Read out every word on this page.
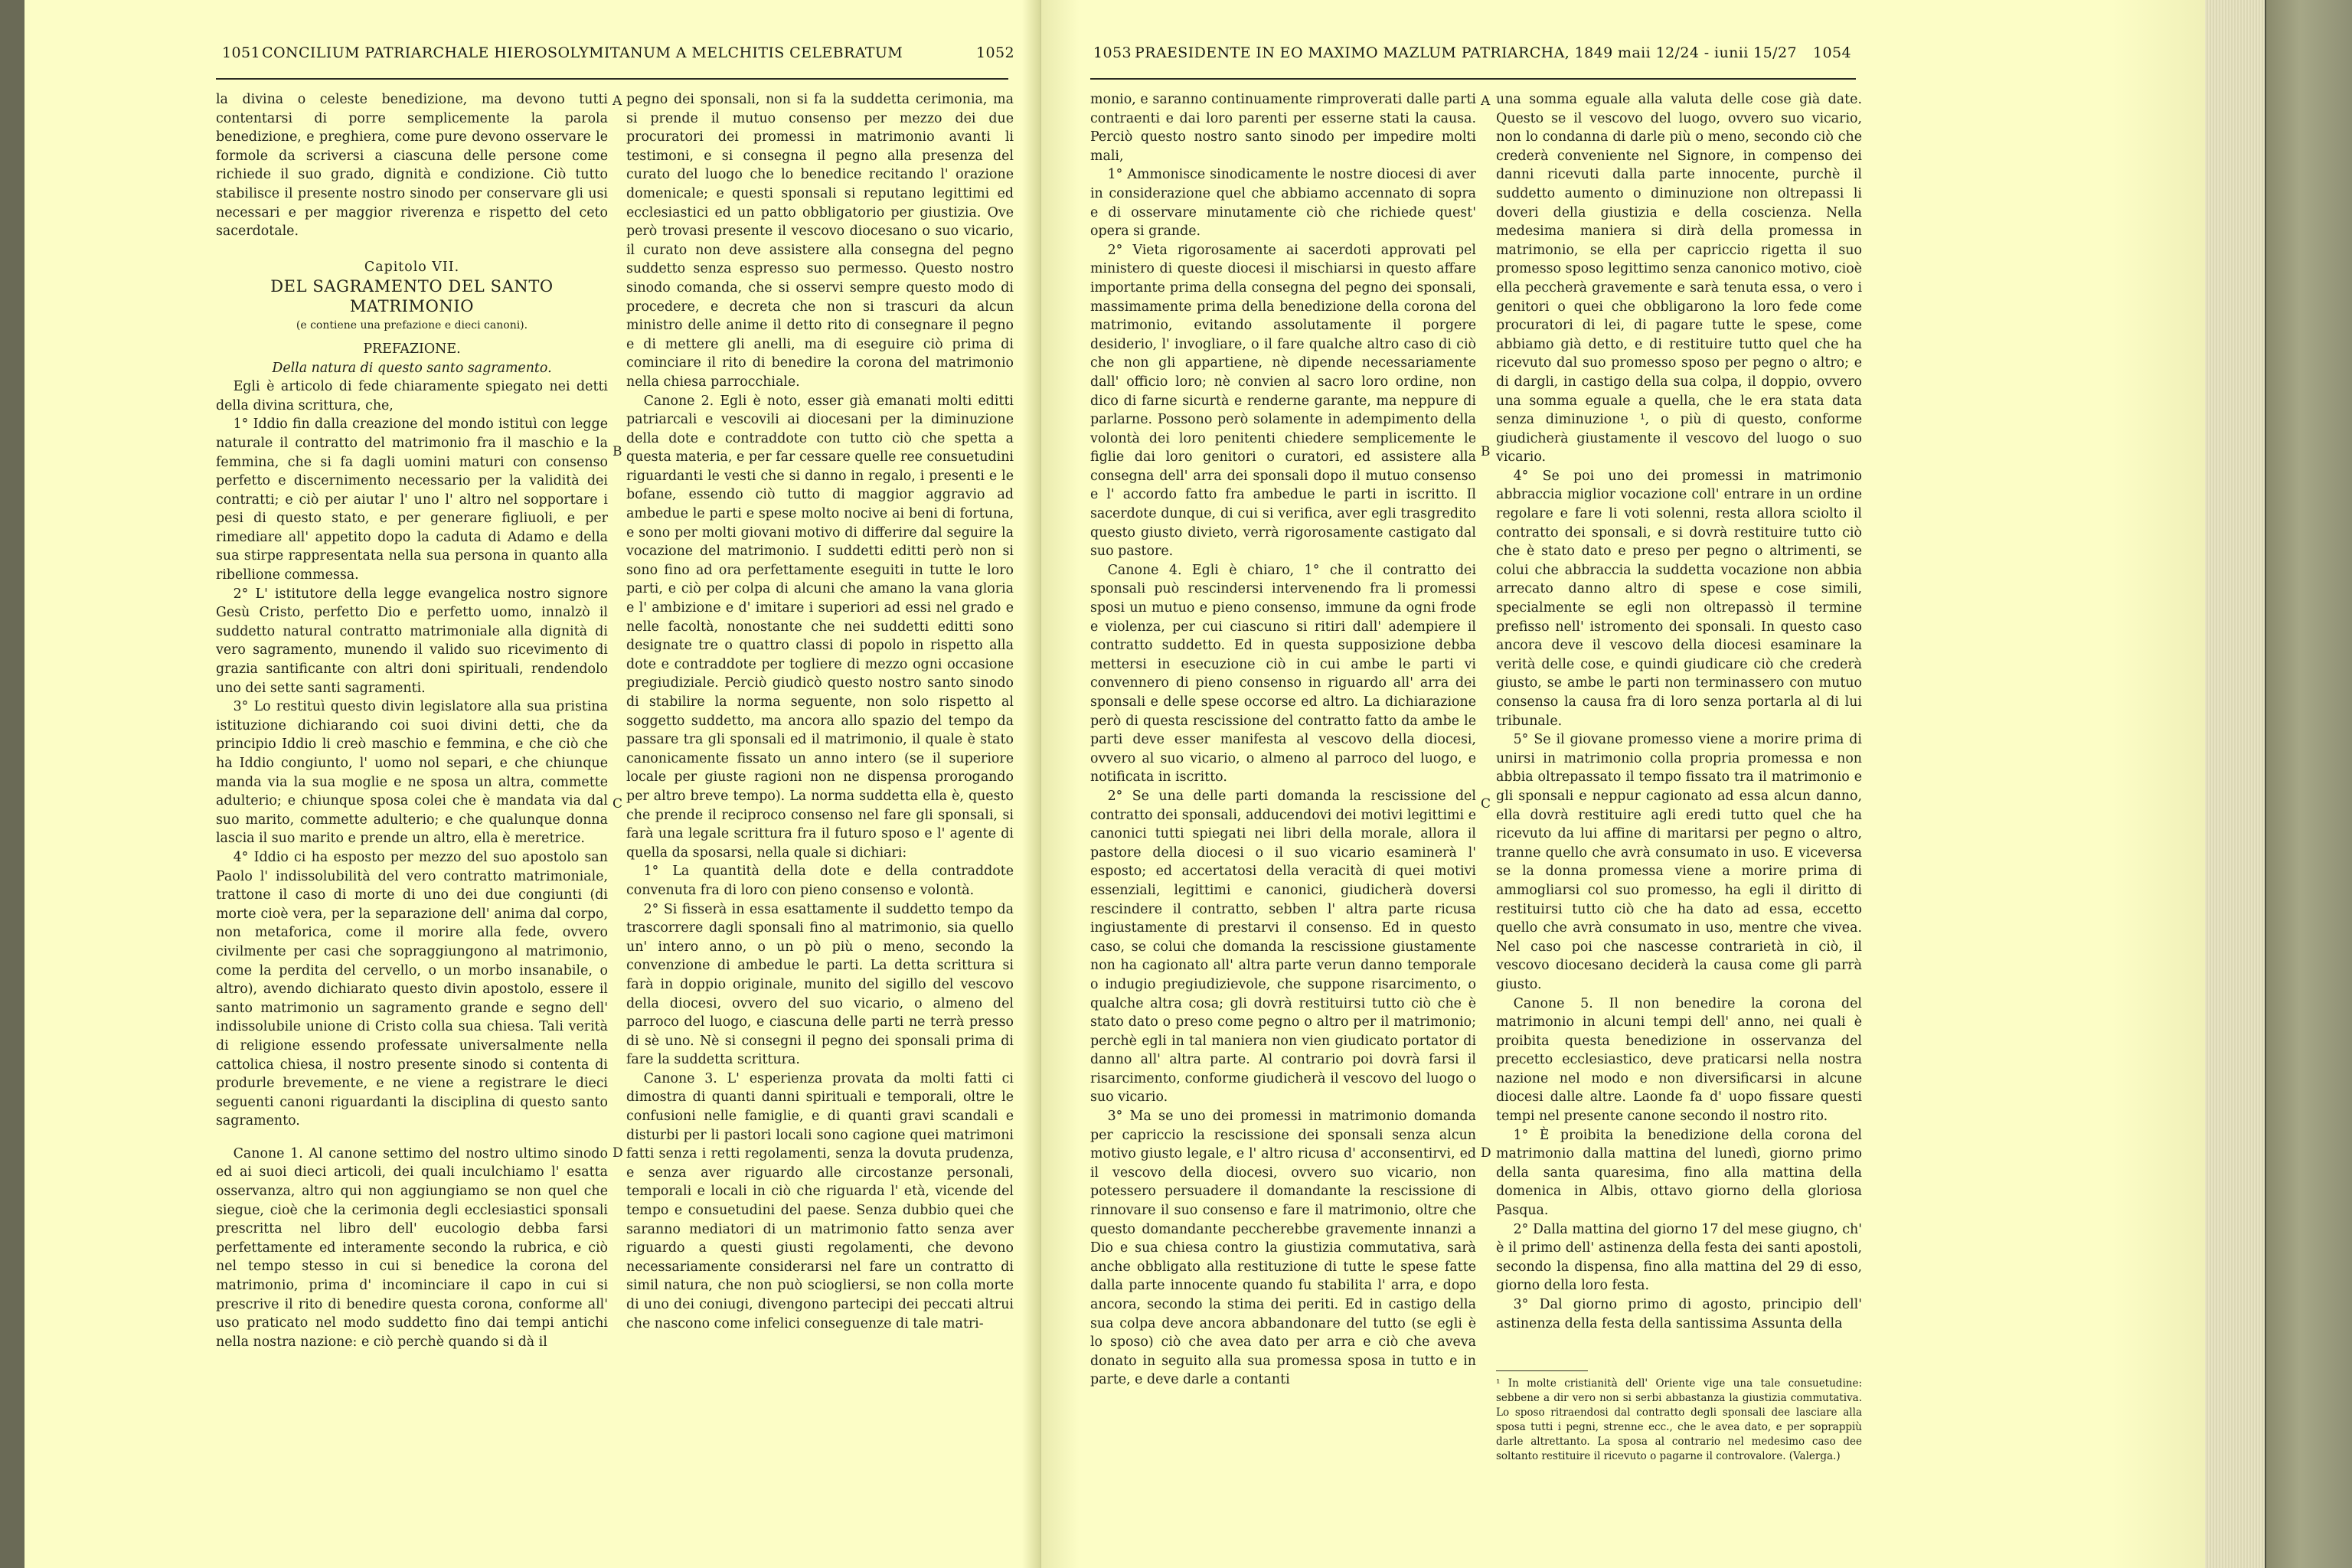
1051 CONCILIUM PATRIARCHALE HIEROSOLYMITANUM A MELCHITIS CELEBRATUM	1052

la divina o celeste benedizione, ma devono tutti contentarsi di porre semplicemente la parola benedizione, e preghiera, come pure devono osservare le formole da scriversi a ciascuna delle persone come richiede il suo grado, dignità e condizione. Ciò tutto stabilisce il presente nostro sinodo per conservare gli usi necessari e per maggior riverenza e rispetto del ceto sacerdotale.

Capitolo VII.

DEL SAGRAMENTO DEL SANTO MATRIMONIO

(e contiene una prefazione e dieci canoni).

PREFAZIONE.

Della natura di questo santo sagramento.

Egli è articolo di fede chiaramente spiegato nei detti della divina scrittura, che,

1° Iddio fin dalla creazione del mondo istituì con legge naturale il contratto del matrimonio fra il maschio e la femmina, che si fa dagli uomini maturi con consenso perfetto e discernimento necessario per la validità dei contratti; e ciò per aiutar l' uno l' altro nel sopportare i pesi di questo stato, e per generare figliuoli, e per rimediare all' appetito dopo la caduta di Adamo e della sua stirpe rappresentata nella sua persona in quanto alla ribellione commessa.

2° L' istitutore della legge evangelica nostro signore Gesù Cristo, perfetto Dio e perfetto uomo, innalzò il suddetto natural contratto matrimoniale alla dignità di vero sagramento, munendo il valido suo ricevimento di grazia santificante con altri doni spirituali, rendendolo uno dei sette santi sagramenti.

3° Lo restituì questo divin legislatore alla sua pristina istituzione dichiarando coi suoi divini detti, che da principio Iddio li creò maschio e femmina, e che ciò che ha Iddio congiunto, l' uomo nol separi, e che chiunque manda via la sua moglie e ne sposa un altra, commette adulterio; e chiunque sposa colei che è mandata via dal suo marito, commette adulterio; e che qualunque donna lascia il suo marito e prende un altro, ella è meretrice.

4° Iddio ci ha esposto per mezzo del suo apostolo san Paolo l' indissolubilità del vero contratto matrimoniale, trattone il caso di morte di uno dei due congiunti (di morte cioè vera, per la separazione dell' anima dal corpo, non metaforica, come il morire alla fede, ovvero civilmente per casi che sopraggiungono al matrimonio, come la perdita del cervello, o un morbo insanabile, o altro), avendo dichiarato questo divin apostolo, essere il santo matrimonio un sagramento grande e segno dell' indissolubile unione di Cristo colla sua chiesa. Tali verità di religione essendo professate universalmente nella cattolica chiesa, il nostro presente sinodo si contenta di produrle brevemente, e ne viene a registrare le dieci seguenti canoni riguardanti la disciplina di questo santo sagramento.

Canone 1. Al canone settimo del nostro ultimo sinodo ed ai suoi dieci articoli, dei quali inculchiamo l' esatta osservanza, altro qui non aggiungiamo se non quel che siegue, cioè che la cerimonia degli ecclesiastici sponsali prescritta nel libro dell' eucologio debba farsi perfettamente ed interamente secondo la rubrica, e ciò nel tempo stesso in cui si benedice la corona del matrimonio, prima d' incominciare il capo in cui si prescrive il rito di benedire questa corona, conforme all' uso praticato nel modo suddetto fino dai tempi antichi nella nostra nazione: e ciò perchè quando si dà il

A
B
C
D

pegno dei sponsali, non si fa la suddetta cerimonia, ma si prende il mutuo consenso per mezzo dei due procuratori dei promessi in matrimonio avanti li testimoni, e si consegna il pegno alla presenza del curato del luogo che lo benedice recitando l' orazione domenicale; e questi sponsali si reputano legittimi ed ecclesiastici ed un patto obbligatorio per giustizia. Ove però trovasi presente il vescovo diocesano o suo vicario, il curato non deve assistere alla consegna del pegno suddetto senza espresso suo permesso. Questo nostro sinodo comanda, che si osservi sempre questo modo di procedere, e decreta che non si trascuri da alcun ministro delle anime il detto rito di consegnare il pegno e di mettere gli anelli, ma di eseguire ciò prima di cominciare il rito di benedire la corona del matrimonio nella chiesa parrocchiale.

Canone 2. Egli è noto, esser già emanati molti editti patriarcali e vescovili ai diocesani per la diminuzione della dote e contraddote con tutto ciò che spetta a questa materia, e per far cessare quelle ree consuetudini riguardanti le vesti che si danno in regalo, i presenti e le bofane, essendo ciò tutto di maggior aggravio ad ambedue le parti e spese molto nocive ai beni di fortuna, e sono per molti giovani motivo di differire dal seguire la vocazione del matrimonio. I suddetti editti però non si sono fino ad ora perfettamente eseguiti in tutte le loro parti, e ciò per colpa di alcuni che amano la vana gloria e l' ambizione e d' imitare i superiori ad essi nel grado e nelle facoltà, nonostante che nei suddetti editti sono designate tre o quattro classi di popolo in rispetto alla dote e contraddote per togliere di mezzo ogni occasione pregiudiziale. Perciò giudicò questo nostro santo sinodo di stabilire la norma seguente, non solo rispetto al soggetto suddetto, ma ancora allo spazio del tempo da passare tra gli sponsali ed il matrimonio, il quale è stato canonicamente fissato un anno intero (se il superiore locale per giuste ragioni non ne dispensa prorogando per altro breve tempo). La norma suddetta ella è, questo che prende il reciproco consenso nel fare gli sponsali, si farà una legale scrittura fra il futuro sposo e l' agente di quella da sposarsi, nella quale si dichiari:

1° La quantità della dote e della contraddote convenuta fra di loro con pieno consenso e volontà.

2° Si fisserà in essa esattamente il suddetto tempo da trascorrere dagli sponsali fino al matrimonio, sia quello un' intero anno, o un pò più o meno, secondo la convenzione di ambedue le parti. La detta scrittura si farà in doppio originale, munito del sigillo del vescovo della diocesi, ovvero del suo vicario, o almeno del parroco del luogo, e ciascuna delle parti ne terrà presso di sè uno. Nè si consegni il pegno dei sponsali prima di fare la suddetta scrittura.

Canone 3. L' esperienza provata da molti fatti ci dimostra di quanti danni spirituali e temporali, oltre le confusioni nelle famiglie, e di quanti gravi scandali e disturbi per li pastori locali sono cagione quei matrimoni fatti senza i retti regolamenti, senza la dovuta prudenza, e senza aver riguardo alle circostanze personali, temporali e locali in ciò che riguarda l' età, vicende del tempo e consuetudini del paese. Senza dubbio quei che saranno mediatori di un matrimonio fatto senza aver riguardo a questi giusti regolamenti, che devono necessariamente considerarsi nel fare un contratto di simil natura, che non può sciogliersi, se non colla morte di uno dei coniugi, divengono partecipi dei peccati altrui che nascono come infelici conseguenze di tale matri-

1053 PRAESIDENTE IN EO MAXIMO MAZLUM PATRIARCHA, 1849 maii 12/24 - iunii 15/27 1054

monio, e saranno continuamente rimproverati dalle parti contraenti e dai loro parenti per esserne stati la causa. Perciò questo nostro santo sinodo per impedire molti mali,

1° Ammonisce sinodicamente le nostre diocesi di aver in considerazione quel che abbiamo accennato di sopra e di osservare minutamente ciò che richiede quest' opera si grande.

2° Vieta rigorosamente ai sacerdoti approvati pel ministero di queste diocesi il mischiarsi in questo affare importante prima della consegna del pegno dei sponsali, massimamente prima della benedizione della corona del matrimonio, evitando assolutamente il porgere desiderio, l' invogliare, o il fare qualche altro caso di ciò che non gli appartiene, nè dipende necessariamente dall' officio loro; nè convien al sacro loro ordine, non dico di farne sicurtà e renderne garante, ma neppure di parlarne. Possono però solamente in adempimento della volontà dei loro penitenti chiedere semplicemente le figlie dai loro genitori o curatori, ed assistere alla consegna dell' arra dei sponsali dopo il mutuo consenso e l' accordo fatto fra ambedue le parti in iscritto. Il sacerdote dunque, di cui si verifica, aver egli trasgredito questo giusto divieto, verrà rigorosamente castigato dal suo pastore.

Canone 4. Egli è chiaro, 1° che il contratto dei sponsali può rescindersi intervenendo fra li promessi sposi un mutuo e pieno consenso, immune da ogni frode e violenza, per cui ciascuno si ritiri dall' adempiere il contratto suddetto. Ed in questa supposizione debba mettersi in esecuzione ciò in cui ambe le parti vi convennero di pieno consenso in riguardo all' arra dei sponsali e delle spese occorse ed altro. La dichiarazione però di questa rescissione del contratto fatto da ambe le parti deve esser manifesta al vescovo della diocesi, ovvero al suo vicario, o almeno al parroco del luogo, e notificata in iscritto.

2° Se una delle parti domanda la rescissione del contratto dei sponsali, adducendovi dei motivi legittimi e canonici tutti spiegati nei libri della morale, allora il pastore della diocesi o il suo vicario esaminerà l' esposto; ed accertatosi della veracità di quei motivi essenziali, legittimi e canonici, giudicherà doversi rescindere il contratto, sebben l' altra parte ricusa ingiustamente di prestarvi il consenso. Ed in questo caso, se colui che domanda la rescissione giustamente non ha cagionato all' altra parte verun danno temporale o indugio pregiudizievole, che suppone risarcimento, o qualche altra cosa; gli dovrà restituirsi tutto ciò che è stato dato o preso come pegno o altro per il matrimonio; perchè egli in tal maniera non vien giudicato portator di danno all' altra parte. Al contrario poi dovrà farsi il risarcimento, conforme giudicherà il vescovo del luogo o suo vicario.

3° Ma se uno dei promessi in matrimonio domanda per capriccio la rescissione dei sponsali senza alcun motivo giusto legale, e l' altro ricusa d' acconsentirvi, ed il vescovo della diocesi, ovvero suo vicario, non potessero persuadere il domandante la rescissione di rinnovare il suo consenso e fare il matrimonio, oltre che questo domandante peccherebbe gravemente innanzi a Dio e sua chiesa contro la giustizia commutativa, sarà anche obbligato alla restituzione di tutte le spese fatte dalla parte innocente quando fu stabilita l' arra, e dopo ancora, secondo la stima dei periti. Ed in castigo della sua colpa deve ancora abbandonare del tutto (se egli è lo sposo) ciò che avea dato per arra e ciò che aveva donato in seguito alla sua promessa sposa in tutto e in parte, e deve darle a contanti

A
B
C
D

una somma eguale alla valuta delle cose già date. Questo se il vescovo del luogo, ovvero suo vicario, non lo condanna di darle più o meno, secondo ciò che crederà conveniente nel Signore, in compenso dei danni ricevuti dalla parte innocente, purchè il suddetto aumento o diminuzione non oltrepassi li doveri della giustizia e della coscienza. Nella medesima maniera si dirà della promessa in matrimonio, se ella per capriccio rigetta il suo promesso sposo legittimo senza canonico motivo, cioè ella peccherà gravemente e sarà tenuta essa, o vero i genitori o quei che obbligarono la loro fede come procuratori di lei, di pagare tutte le spese, come abbiamo già detto, e di restituire tutto quel che ha ricevuto dal suo promesso sposo per pegno o altro; e di dargli, in castigo della sua colpa, il doppio, ovvero una somma eguale a quella, che le era stata data senza diminuzione ¹, o più di questo, conforme giudicherà giustamente il vescovo del luogo o suo vicario.

4° Se poi uno dei promessi in matrimonio abbraccia miglior vocazione coll' entrare in un ordine regolare e fare li voti solenni, resta allora sciolto il contratto dei sponsali, e si dovrà restituire tutto ciò che è stato dato e preso per pegno o altrimenti, se colui che abbraccia la suddetta vocazione non abbia arrecato danno altro di spese e cose simili, specialmente se egli non oltrepassò il termine prefisso nell' istromento dei sponsali. In questo caso ancora deve il vescovo della diocesi esaminare la verità delle cose, e quindi giudicare ciò che crederà giusto, se ambe le parti non terminassero con mutuo consenso la causa fra di loro senza portarla al di lui tribunale.

5° Se il giovane promesso viene a morire prima di unirsi in matrimonio colla propria promessa e non abbia oltrepassato il tempo fissato tra il matrimonio e gli sponsali e neppur cagionato ad essa alcun danno, ella dovrà restituire agli eredi tutto quel che ha ricevuto da lui affine di maritarsi per pegno o altro, tranne quello che avrà consumato in uso. E viceversa se la donna promessa viene a morire prima di ammogliarsi col suo promesso, ha egli il diritto di restituirsi tutto ciò che ha dato ad essa, eccetto quello che avrà consumato in uso, mentre che vivea. Nel caso poi che nascesse contrarietà in ciò, il vescovo diocesano deciderà la causa come gli parrà giusto.

Canone 5. Il non benedire la corona del matrimonio in alcuni tempi dell' anno, nei quali è proibita questa benedizione in osservanza del precetto ecclesiastico, deve praticarsi nella nostra nazione nel modo e non diversificarsi in alcune diocesi dalle altre. Laonde fa d' uopo fissare questi tempi nel presente canone secondo il nostro rito.

1° È proibita la benedizione della corona del matrimonio dalla mattina del lunedì, giorno primo della santa quaresima, fino alla mattina della domenica in Albis, ottavo giorno della gloriosa Pasqua.

2° Dalla mattina del giorno 17 del mese giugno, ch' è il primo dell' astinenza della festa dei santi apostoli, secondo la dispensa, fino alla mattina del 29 di esso, giorno della loro festa.

3° Dal giorno primo di agosto, principio dell' astinenza della festa della santissima Assunta della

¹ In molte cristianità dell' Oriente vige una tale consuetudine: sebbene a dir vero non si serbi abbastanza la giustizia commutativa. Lo sposo ritraendosi dal contratto degli sponsali dee lasciare alla sposa tutti i pegni, strenne ecc., che le avea dato, e per soprappiù darle altrettanto. La sposa al contrario nel medesimo caso dee soltanto restituire il ricevuto o pagarne il controvalore. (Valerga.)
